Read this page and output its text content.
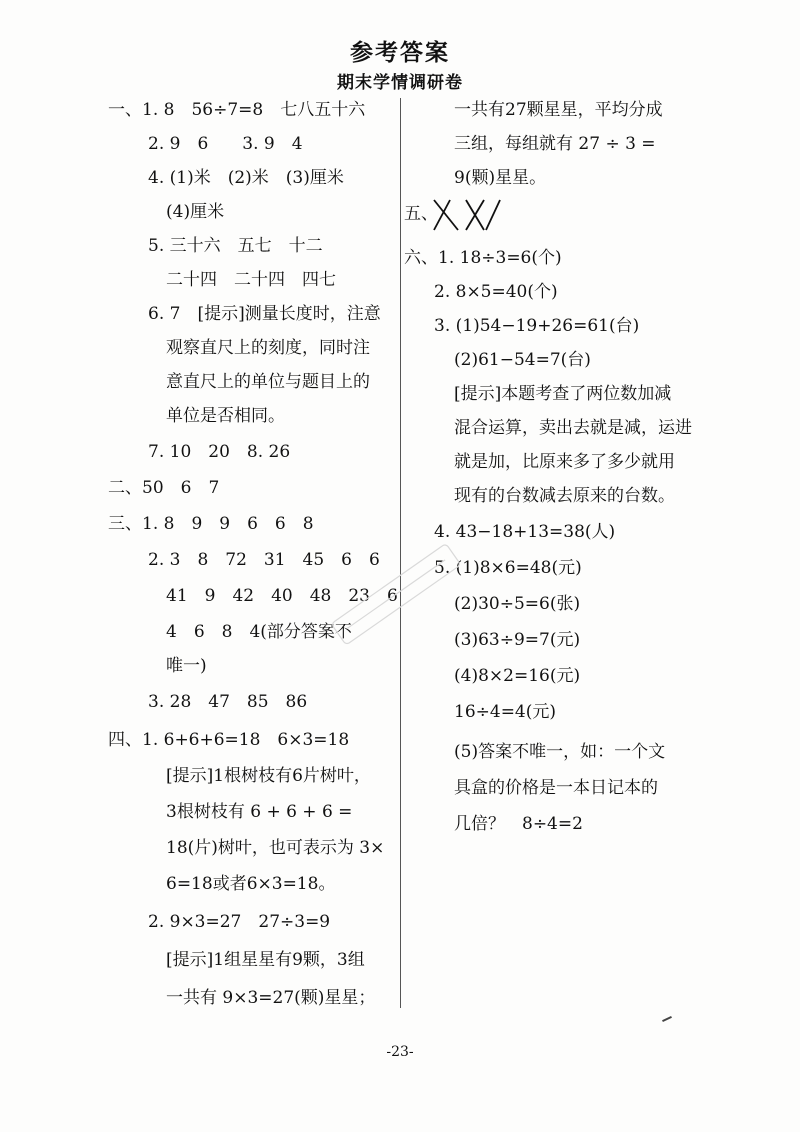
参考答案
期末学情调研卷
一、1. 8　56÷7=8　七八五十六
2. 9　6　　3. 9　4
4. (1)米　(2)米　(3)厘米
(4)厘米
5. 三十六　五七　十二
二十四　二十四　四七
6. 7　[提示]测量长度时，注意
观察直尺上的刻度，同时注
意直尺上的单位与题目上的
单位是否相同。
7. 10　20　8. 26
二、50　6　7
三、1. 8　9　9　6　6　8
2. 3　8　72　31　45　6　6
41　9　42　40　48　23　6
4　6　8　4(部分答案不
唯一)
3. 28　47　85　86
四、1. 6+6+6=18　6×3=18
[提示]1根树枝有6片树叶，
3根树枝有 6 + 6 + 6 =
18(片)树叶，也可表示为 3×
6=18或者6×3=18。
2. 9×3=27　27÷3=9
[提示]1组星星有9颗，3组
一共有 9×3=27(颗)星星；
一共有27颗星星，平均分成
三组，每组就有 27 ÷ 3 =
9(颗)星星。
五、
六、1. 18÷3=6(个)
2. 8×5=40(个)
3. (1)54−19+26=61(台)
(2)61−54=7(台)
[提示]本题考查了两位数加减
混合运算，卖出去就是减，运进
就是加，比原来多了多少就用
现有的台数减去原来的台数。
4. 43−18+13=38(人)
5. (1)8×6=48(元)
(2)30÷5=6(张)
(3)63÷9=7(元)
(4)8×2=16(元)
16÷4=4(元)
(5)答案不唯一，如：一个文
具盒的价格是一本日记本的
几倍？　8÷4=2
-23-
